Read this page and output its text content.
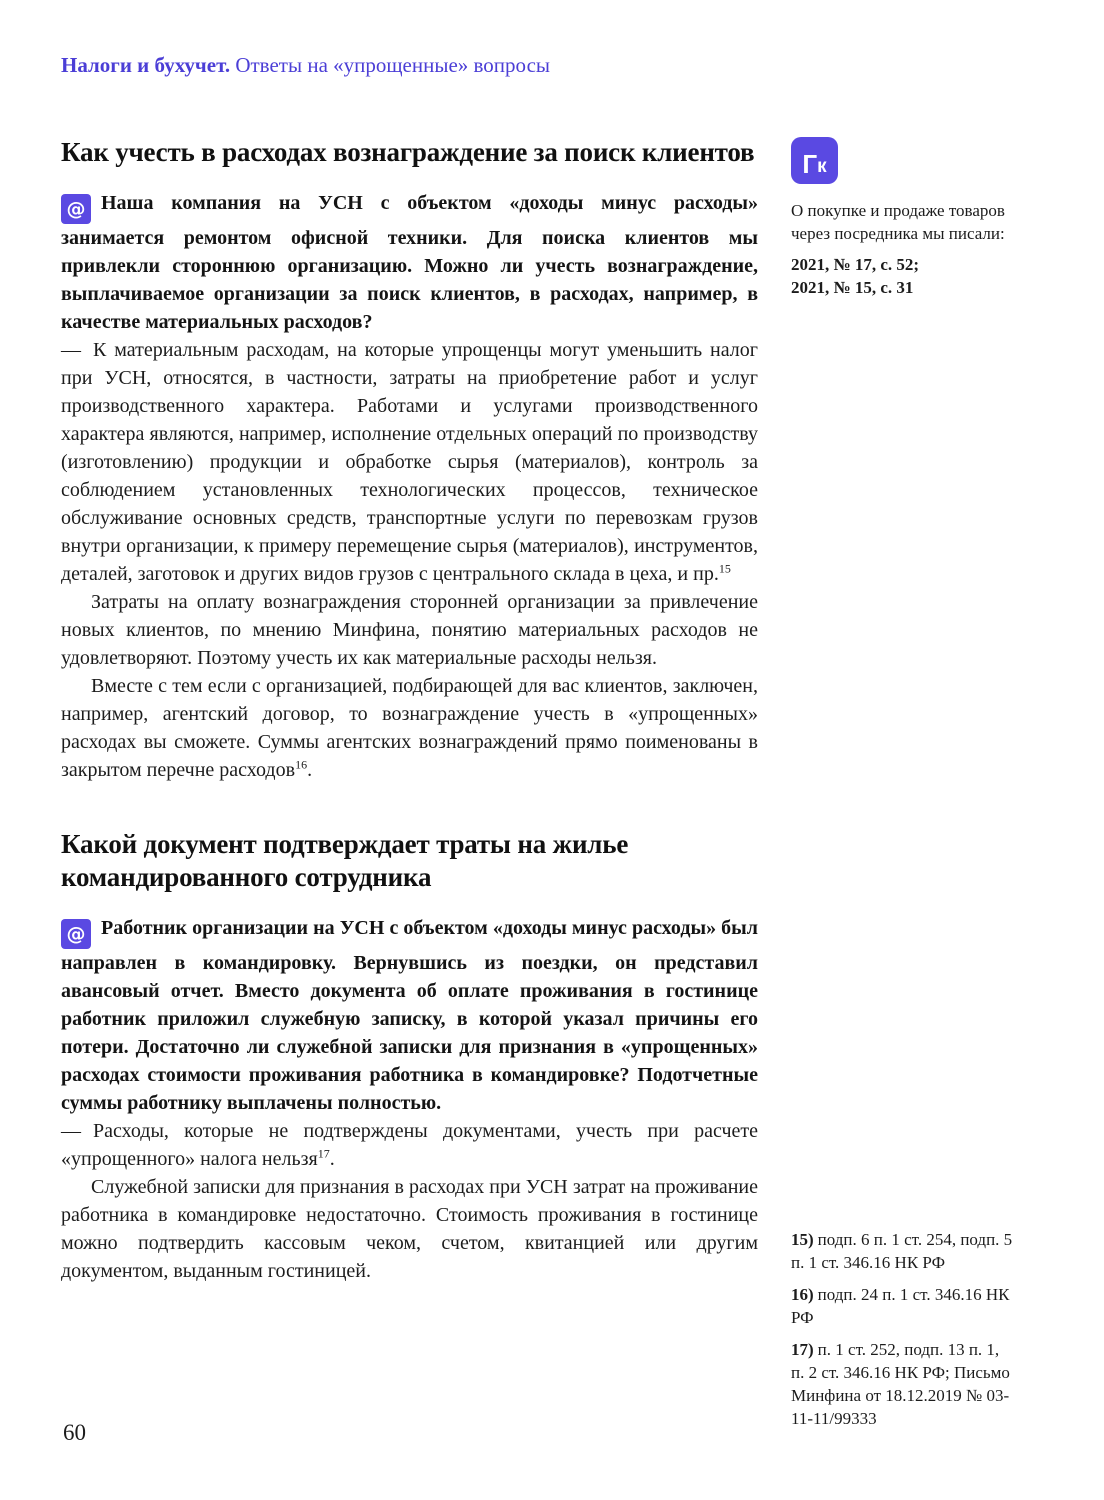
Налоги и бухучет. Ответы на «упрощенные» вопросы
Как учесть в расходах вознаграждение за поиск клиентов

@ Наша компания на УСН с объектом «доходы минус расходы» занимается ремонтом офисной техники. Для поиска клиентов мы привлекли стороннюю организацию. Можно ли учесть вознаграждение, выплачиваемое организации за поиск клиентов, в расходах, например, в качестве материальных расходов?

— К материальным расходам, на которые упрощенцы могут уменьшить налог при УСН, относятся, в частности, затраты на приобретение работ и услуг производственного характера. Работами и услугами производственного характера являются, например, исполнение отдельных операций по производству (изготовлению) продукции и обработке сырья (материалов), контроль за соблюдением установленных технологических процессов, техническое обслуживание основных средств, транспортные услуги по перевозкам грузов внутри организации, к примеру перемещение сырья (материалов), инструментов, деталей, заготовок и других видов грузов с центрального склада в цеха, и пр.$^{15}$

Затраты на оплату вознаграждения сторонней организации за привлечение новых клиентов, по мнению Минфина, понятию материальных расходов не удовлетворяют. Поэтому учесть их как материальные расходы нельзя.

Вместе с тем если с организацией, подбирающей для вас клиентов, заключен, например, агентский договор, то вознаграждение учесть в «упрощенных» расходах вы сможете. Суммы агентских вознаграждений прямо поименованы в закрытом перечне расходов$^{16}$.

Какой документ подтверждает траты на жилье командированного сотрудника

@ Работник организации на УСН с объектом «доходы минус расходы» был направлен в командировку. Вернувшись из поездки, он представил авансовый отчет. Вместо документа об оплате проживания в гостинице работник приложил служебную записку, в которой указал причины его потери. Достаточно ли служебной записки для признания в «упрощенных» расходах стоимости проживания работника в командировке? Подотчетные суммы работнику выплачены полностью.

— Расходы, которые не подтверждены документами, учесть при расчете «упрощенного» налога нельзя$^{17}$.

Служебной записки для признания в расходах при УСН затрат на проживание работника в командировке недостаточно. Стоимость проживания в гостинице можно подтвердить кассовым чеком, счетом, квитанцией или другим документом, выданным гостиницей.

Г к
О покупке и продаже товаров через посредника мы писали:
2021, № 17, с. 52;
2021, № 15, с. 31
15) подп. 6 п. 1 ст. 254, подп. 5 п. 1 ст. 346.16 НК РФ
16) подп. 24 п. 1 ст. 346.16 НК РФ
17) п. 1 ст. 252, подп. 13 п. 1, п. 2 ст. 346.16 НК РФ; Письмо Минфина от 18.12.2019 № 03-11-11/99333
60
